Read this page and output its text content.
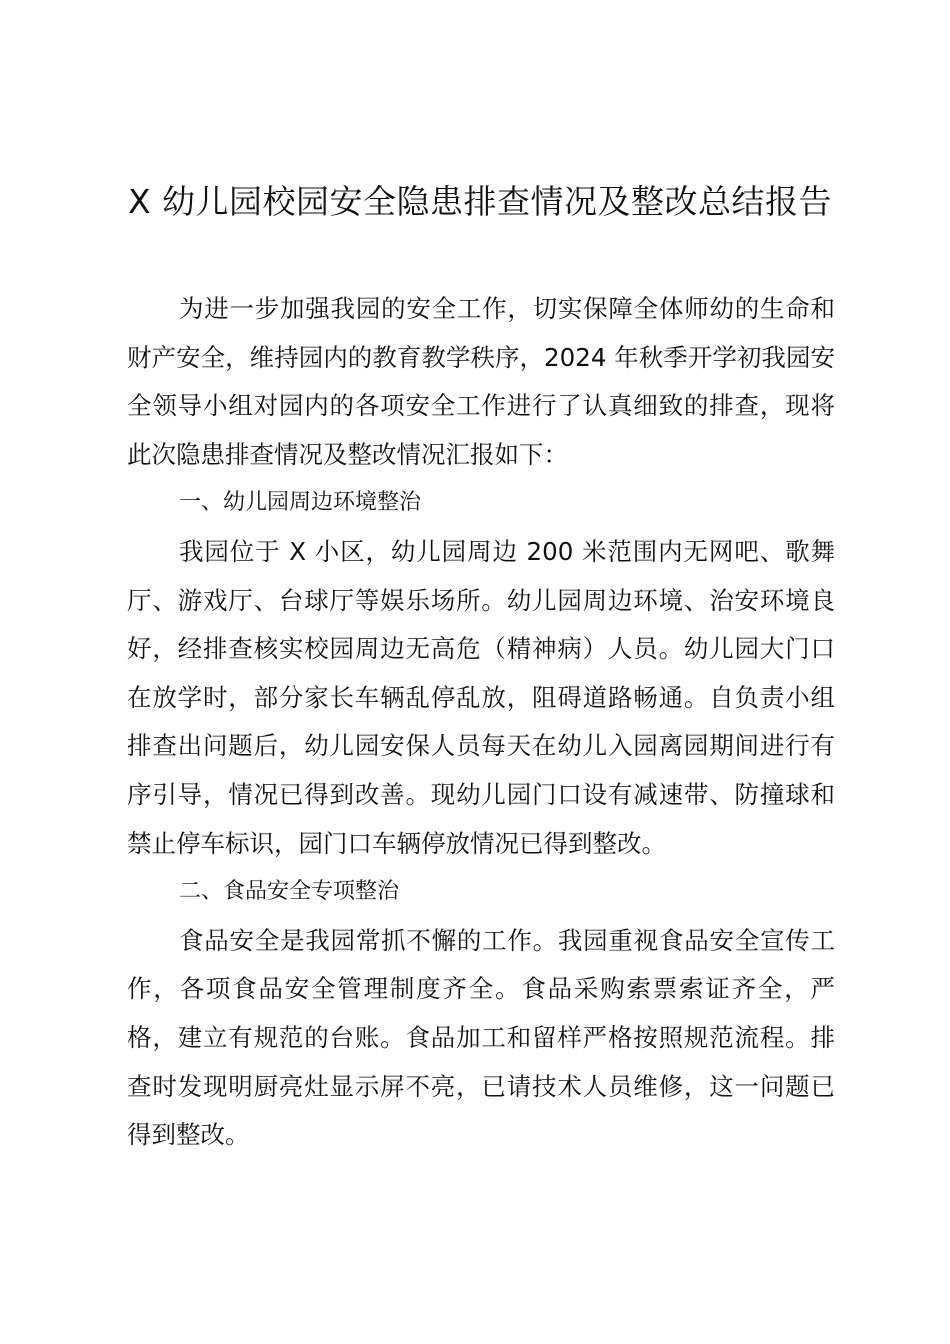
X 幼儿园校园安全隐患排查情况及整改总结报告

为进一步加强我园的安全工作，切实保障全体师幼的生命和财产安全，维持园内的教育教学秩序，2024 年秋季开学初我园安全领导小组对园内的各项安全工作进行了认真细致的排查，现将此次隐患排查情况及整改情况汇报如下：

一、幼儿园周边环境整治

我园位于 X 小区，幼儿园周边 200 米范围内无网吧、歌舞厅、游戏厅、台球厅等娱乐场所。幼儿园周边环境、治安环境良好，经排查核实校园周边无高危（精神病）人员。幼儿园大门口在放学时，部分家长车辆乱停乱放，阻碍道路畅通。自负责小组排查出问题后，幼儿园安保人员每天在幼儿入园离园期间进行有序引导，情况已得到改善。现幼儿园门口设有减速带、防撞球和禁止停车标识，园门口车辆停放情况已得到整改。

二、食品安全专项整治

食品安全是我园常抓不懈的工作。我园重视食品安全宣传工作，各项食品安全管理制度齐全。食品采购索票索证齐全，严格，建立有规范的台账。食品加工和留样严格按照规范流程。排查时发现明厨亮灶显示屏不亮，已请技术人员维修，这一问题已得到整改。
